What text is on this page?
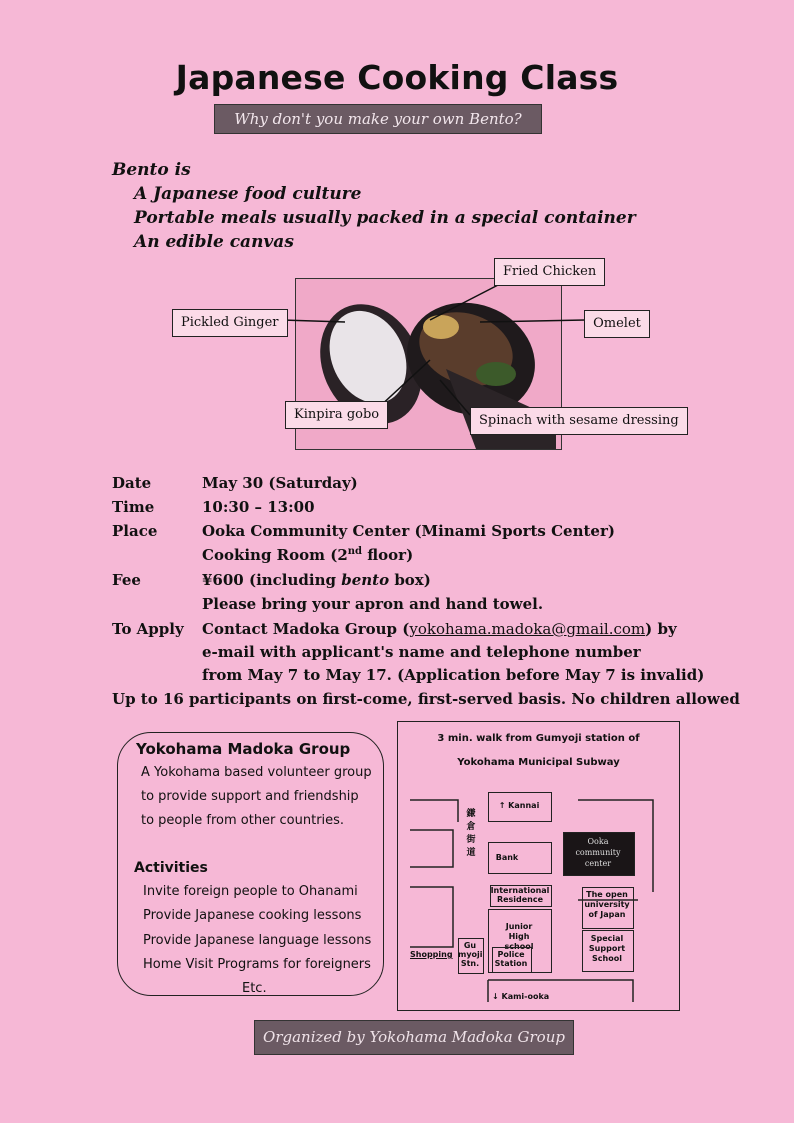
Japanese Cooking Class
Why don't you make your own Bento?
Bento is
A Japanese food culture
Portable meals usually packed in a special container
An edible canvas
Fried Chicken
Pickled Ginger	Omelet
Kinpira gobo	Spinach with sesame dressing
Date	May 30 (Saturday)
Time	10:30 – 13:00
Place	Ooka Community Center (Minami Sports Center)
Cooking Room (2nd floor)
Fee	¥600 (including bento box)
Please bring your apron and hand towel.
To Apply Contact Madoka Group (yokohama.madoka@gmail.com) by
e-mail with applicant's name and telephone number
from May 7 to May 17. (Application before May 7 is invalid)
Up to 16 participants on first-come, first-served basis. No children allowed
Yokohama Madoka Group
A Yokohama based volunteer group
to provide support and friendship
to people from other countries.
Activities
Invite foreign people to Ohanami
Provide Japanese cooking lessons
Provide Japanese language lessons
Home Visit Programs for foreigners
Etc.
3 min. walk from Gumyoji station of
Yokohama Municipal Subway
鎌
倉
街
道
↑ Kannai
Bank
Ooka community center
International Residence
Junior High school
Police Station
The open university of Japan
Special Support School
Shopping
Gu myoji Stn.
↓ Kami-ooka
Organized by Yokohama Madoka Group
